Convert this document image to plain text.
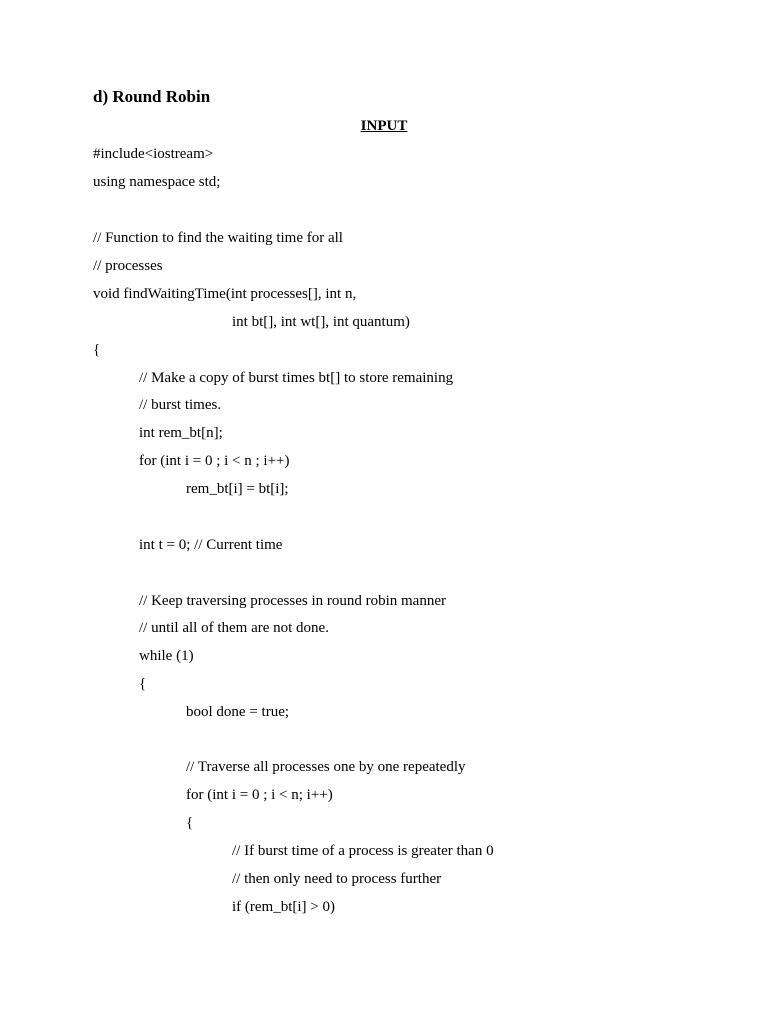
d) Round Robin
INPUT
#include<iostream>
using namespace std;
// Function to find the waiting time for all
// processes
void findWaitingTime(int processes[], int n,
int bt[], int wt[], int quantum)
{
// Make a copy of burst times bt[] to store remaining
// burst times.
int rem_bt[n];
for (int i = 0 ; i < n ; i++)
rem_bt[i] = bt[i];
int t = 0; // Current time
// Keep traversing processes in round robin manner
// until all of them are not done.
while (1)
{
bool done = true;
// Traverse all processes one by one repeatedly
for (int i = 0 ; i < n; i++)
{
// If burst time of a process is greater than 0
// then only need to process further
if (rem_bt[i] > 0)
